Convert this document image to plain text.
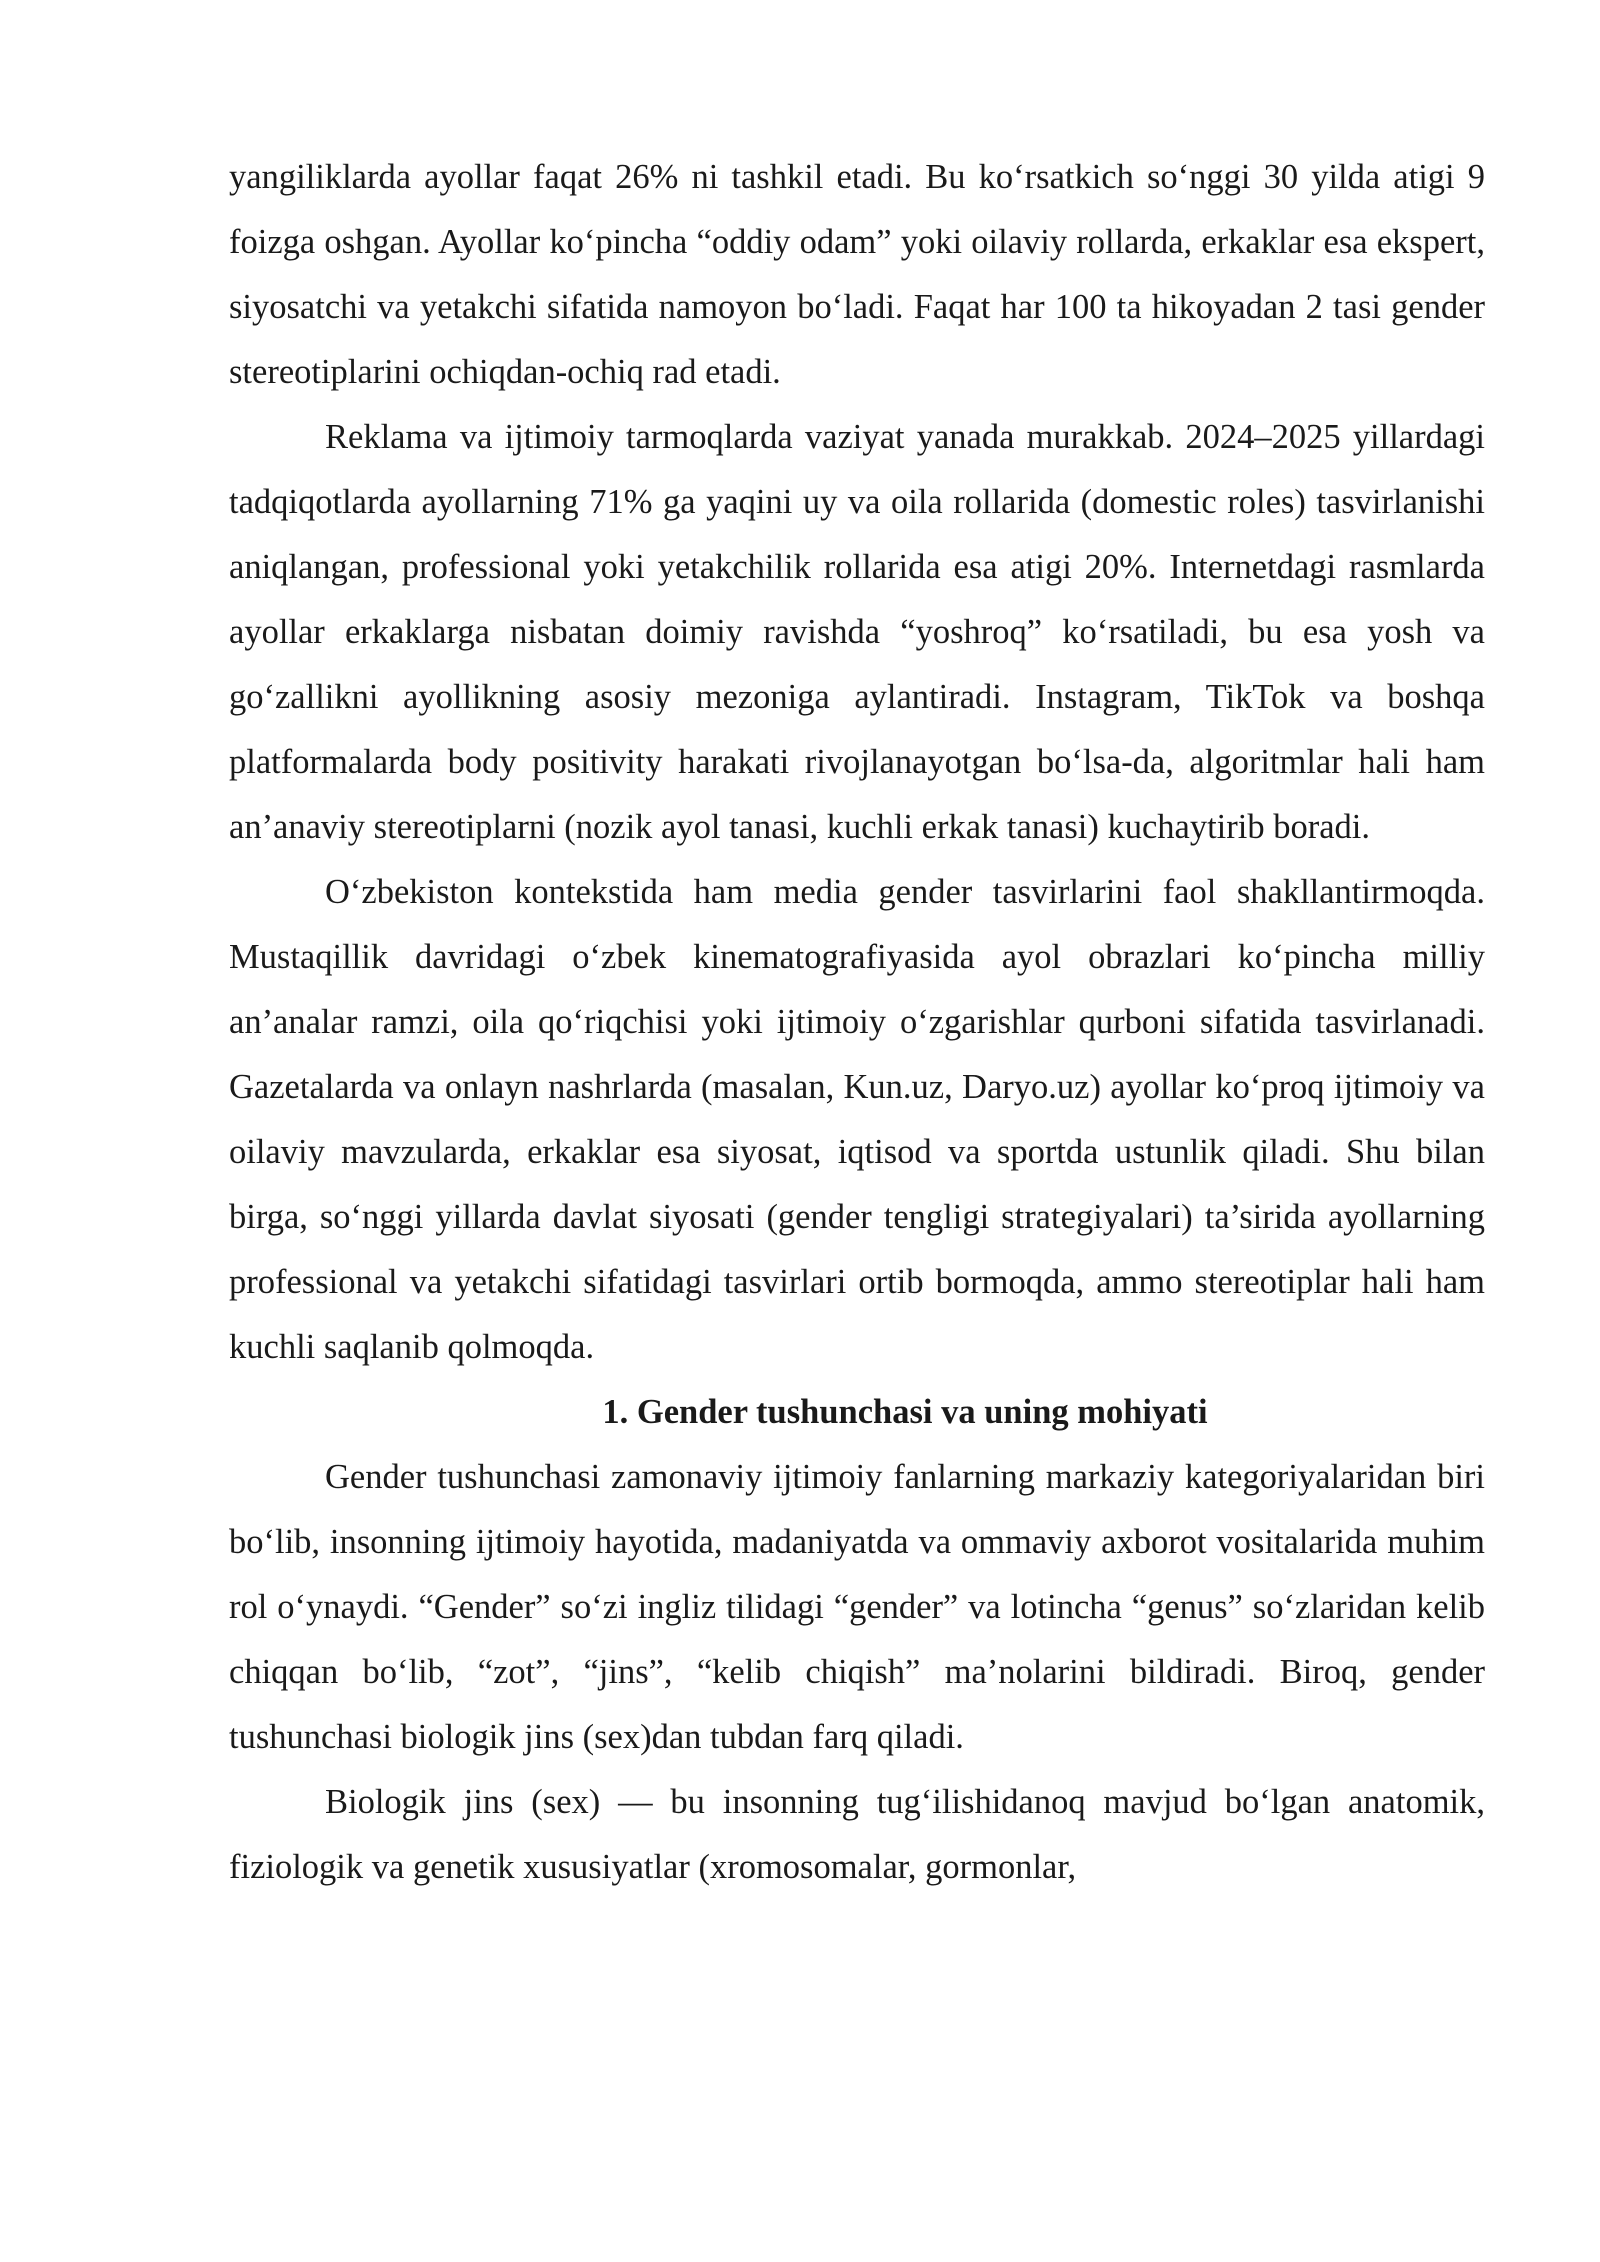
yangiliklarda ayollar faqat 26% ni tashkil etadi. Bu ko‘rsatkich so‘nggi 30 yilda atigi 9 foizga oshgan. Ayollar ko‘pincha “oddiy odam” yoki oilaviy rollarda, erkaklar esa ekspert, siyosatchi va yetakchi sifatida namoyon bo‘ladi. Faqat har 100 ta hikoyadan 2 tasi gender stereotiplarini ochiqdan-ochiq rad etadi.

Reklama va ijtimoiy tarmoqlarda vaziyat yanada murakkab. 2024–2025 yillardagi tadqiqotlarda ayollarning 71% ga yaqini uy va oila rollarida (domestic roles) tasvirlanishi aniqlangan, professional yoki yetakchilik rollarida esa atigi 20%. Internetdagi rasmlarda ayollar erkaklarga nisbatan doimiy ravishda “yoshroq” ko‘rsatiladi, bu esa yosh va go‘zallikni ayollikning asosiy mezoniga aylantiradi. Instagram, TikTok va boshqa platformalarda body positivity harakati rivojlanayotgan bo‘lsa-da, algoritmlar hali ham an’anaviy stereotiplarni (nozik ayol tanasi, kuchli erkak tanasi) kuchaytirib boradi.

O‘zbekiston kontekstida ham media gender tasvirlarini faol shakllantirmoqda. Mustaqillik davridagi o‘zbek kinematografiyasida ayol obrazlari ko‘pincha milliy an’analar ramzi, oila qo‘riqchisi yoki ijtimoiy o‘zgarishlar qurboni sifatida tasvirlanadi. Gazetalarda va onlayn nashrlarda (masalan, Kun.uz, Daryo.uz) ayollar ko‘proq ijtimoiy va oilaviy mavzularda, erkaklar esa siyosat, iqtisod va sportda ustunlik qiladi. Shu bilan birga, so‘nggi yillarda davlat siyosati (gender tengligi strategiyalari) ta’sirida ayollarning professional va yetakchi sifatidagi tasvirlari ortib bormoqda, ammo stereotiplar hali ham kuchli saqlanib qolmoqda.

1. Gender tushunchasi va uning mohiyati

Gender tushunchasi zamonaviy ijtimoiy fanlarning markaziy kategoriyalaridan biri bo‘lib, insonning ijtimoiy hayotida, madaniyatda va ommaviy axborot vositalarida muhim rol o‘ynaydi. “Gender” so‘zi ingliz tilidagi “gender” va lotincha “genus” so‘zlaridan kelib chiqqan bo‘lib, “zot”, “jins”, “kelib chiqish” ma’nolarini bildiradi. Biroq, gender tushunchasi biologik jins (sex)dan tubdan farq qiladi.

Biologik jins (sex) — bu insonning tug‘ilishidanoq mavjud bo‘lgan anatomik, fiziologik va genetik xususiyatlar (xromosomalar, gormonlar,
